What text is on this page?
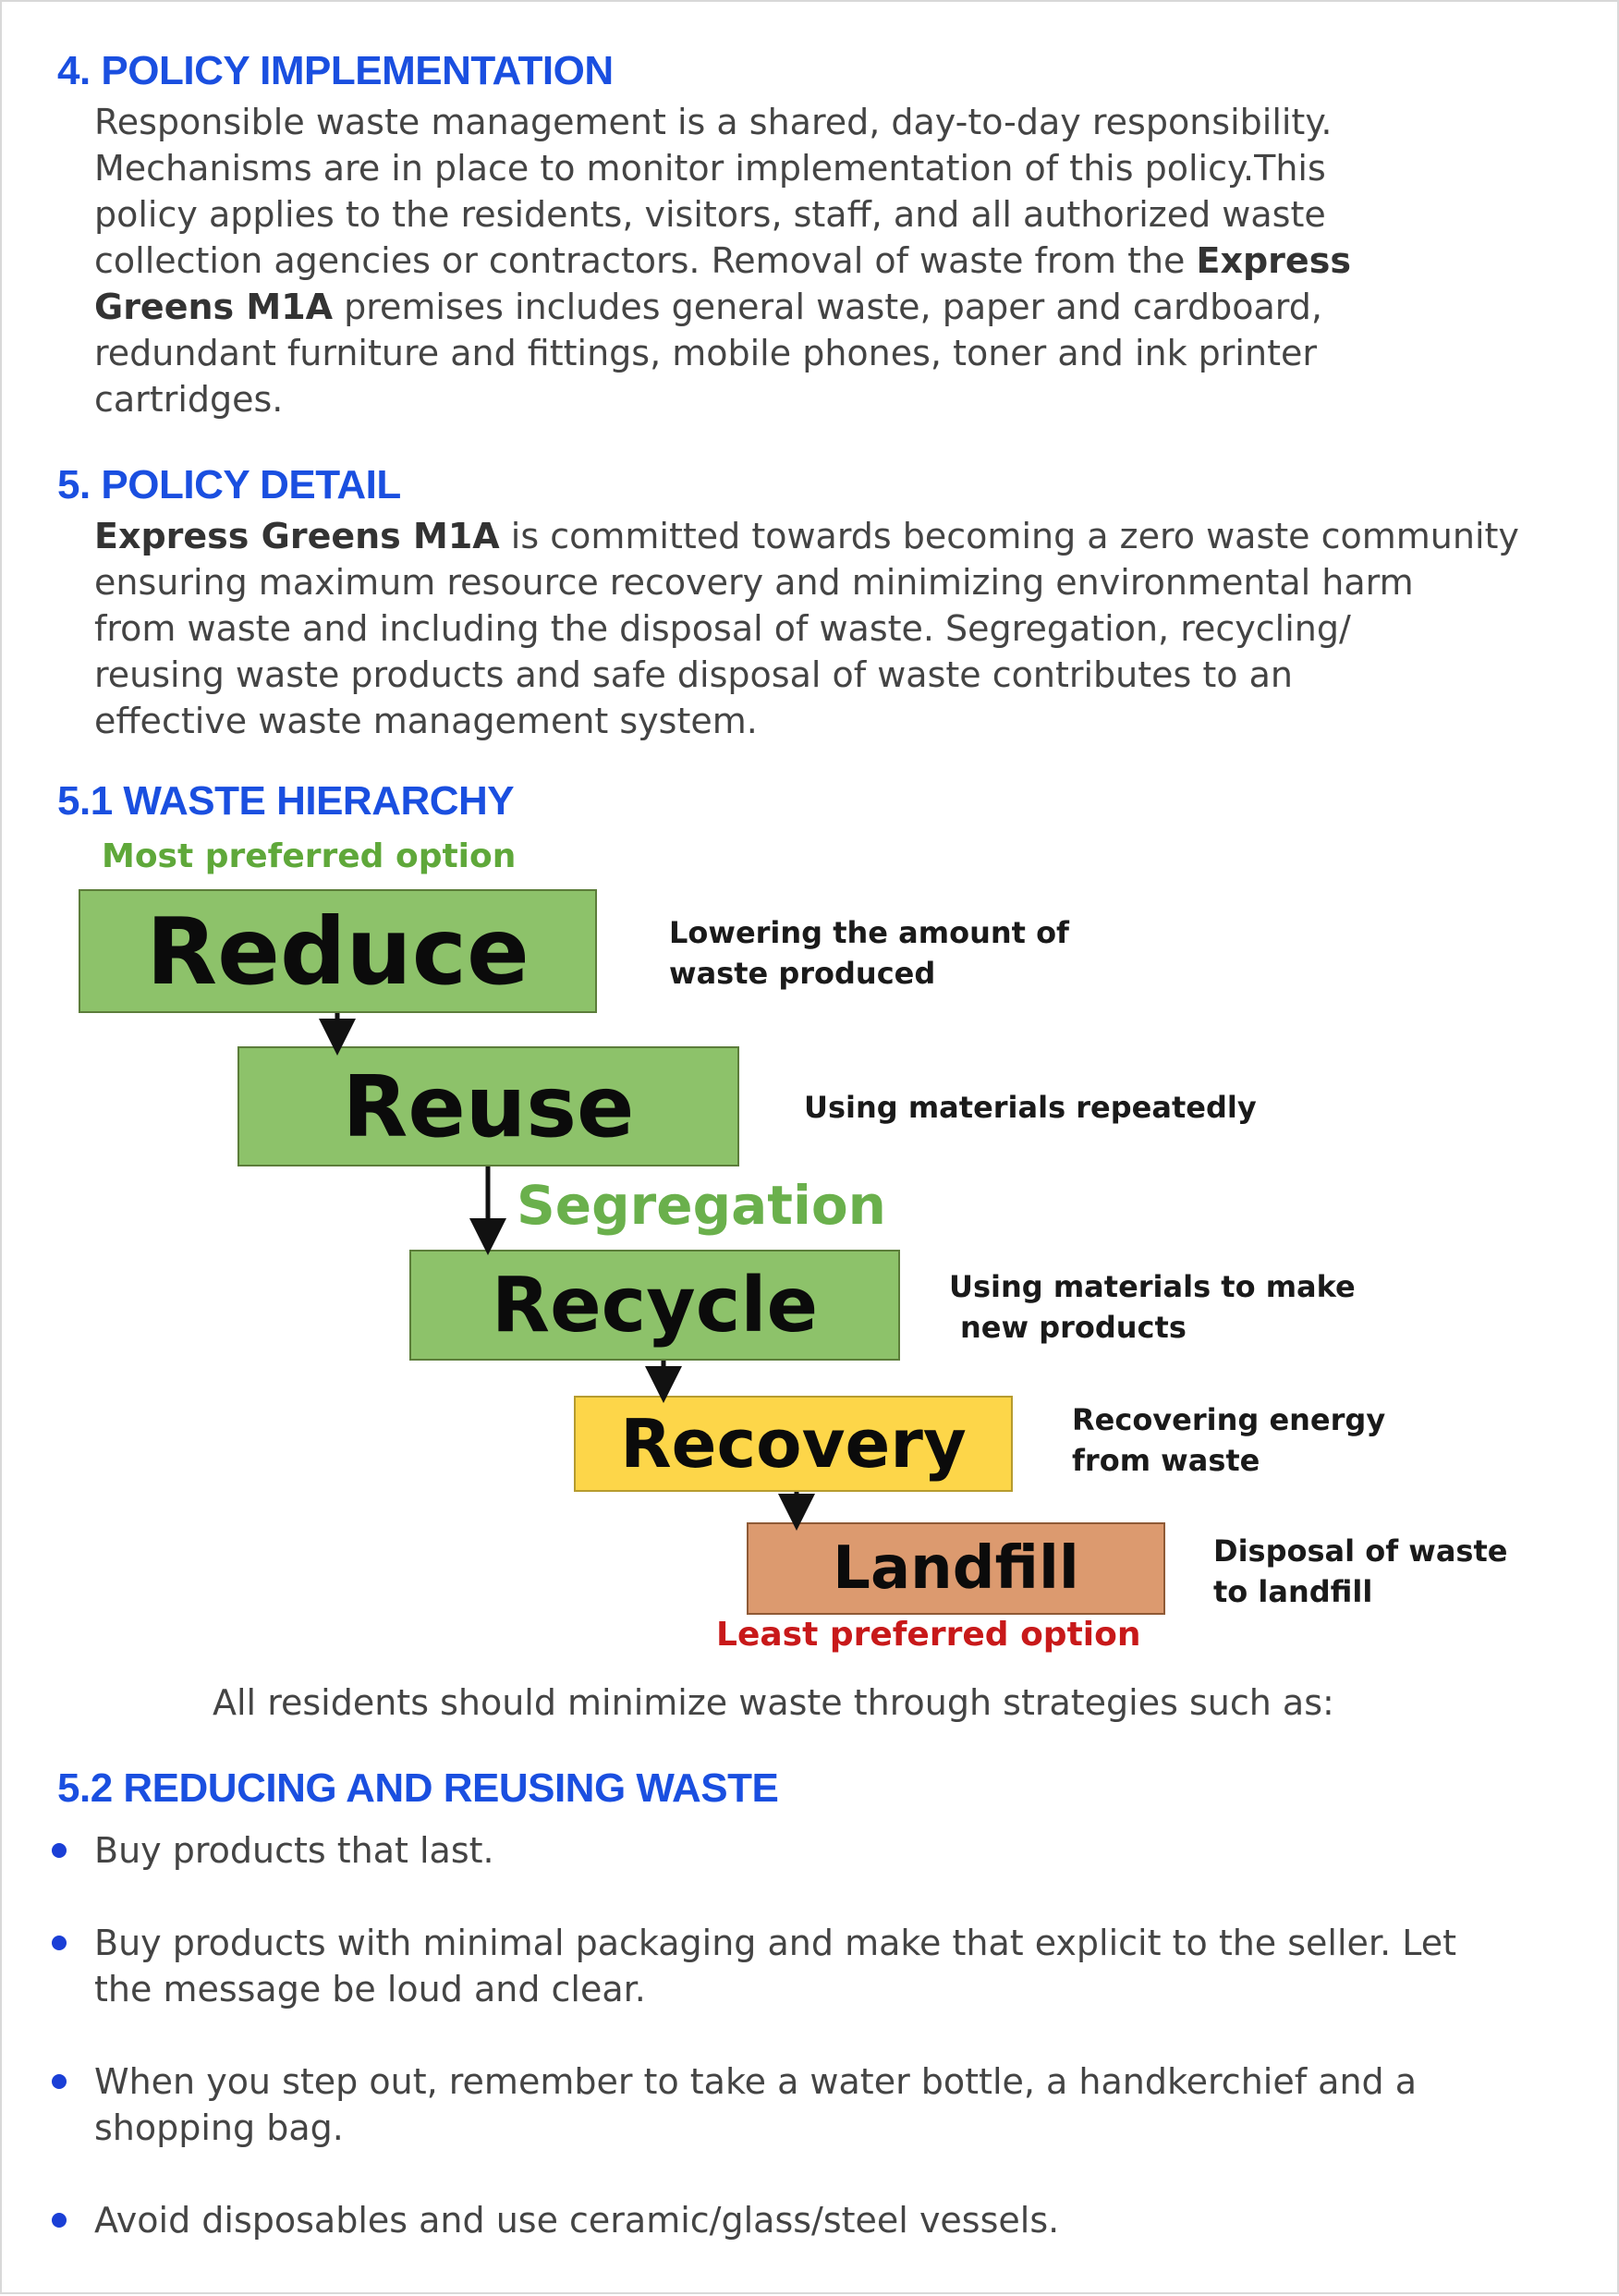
4. POLICY IMPLEMENTATION
Responsible waste management is a shared, day-to-day responsibility.
Mechanisms are in place to monitor implementation of this policy.This
policy applies to the residents, visitors, staff, and all authorized waste
collection agencies or contractors. Removal of waste from the Express
Greens M1A premises includes general waste, paper and cardboard,
redundant furniture and fittings, mobile phones, toner and ink printer
cartridges.
5. POLICY DETAIL
Express Greens M1A is committed towards becoming a zero waste community
ensuring maximum resource recovery and minimizing environmental harm
from waste and including the disposal of waste. Segregation, recycling/
reusing waste products and safe disposal of waste contributes to an
effective waste management system.
5.1 WASTE HIERARCHY
Most preferred option
Reduce
Reuse
Recycle
Recovery
Landfill
Segregation
Lowering the amount of
waste produced
Using materials repeatedly
Using materials to make
new products
Recovering energy
from waste
Disposal of waste
to landfill
Least preferred option
All residents should minimize waste through strategies such as:
5.2 REDUCING AND REUSING WASTE
Buy products that last.
Buy products with minimal packaging and make that explicit to the seller. Let
the message be loud and clear.
When you step out, remember to take a water bottle, a handkerchief and a
shopping bag.
Avoid disposables and use ceramic/glass/steel vessels.
